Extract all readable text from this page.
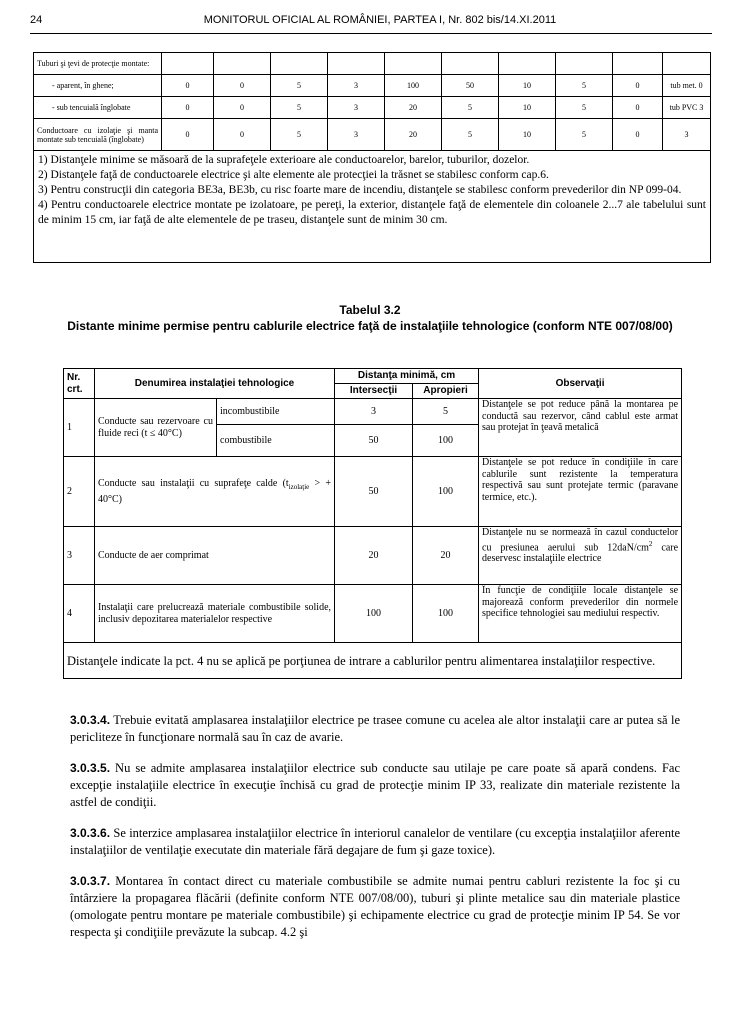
24	MONITORUL OFICIAL AL ROMÂNIEI, PARTEA I, Nr. 802 bis/14.XI.2011
Tuburi şi ţevi de protecţie montate:										
- aparent, în ghene;	0	0	5	3	100	50	10	5	0	tub met. 0
- sub tencuială înglobate	0	0	5	3	20	5	10	5	0	tub PVC 3
Conductoare cu izolaţie şi manta montate sub tencuială (înglobate)	0	0	5	3	20	5	10	5	0	3

1) Distanţele minime se măsoară de la suprafeţele exterioare ale conductoarelor, barelor, tuburilor, dozelor.
2) Distanţele faţă de conductoarele electrice şi alte elemente ale protecţiei la trăsnet se stabilesc conform cap.6.
3) Pentru construcţii din categoria BE3a, BE3b, cu risc foarte mare de incendiu, distanţele se stabilesc conform prevederilor din NP 099-04.
4) Pentru conductoarele electrice montate pe izolatoare, pe pereţi, la exterior, distanţele faţă de elementele din coloanele 2...7 ale tabelului sunt de minim 15 cm, iar faţă de alte elementele de pe traseu, distanţele sunt de minim 30 cm.										
Tabelul 3.2
Distante minime permise pentru cablurile electrice faţă de instalaţiile tehnologice (conform NTE 007/08/00)
Nr. crt.	Denumirea instalaţiei tehnologice		Distanţa minimă, cm		Observaţii
			Intersecţii	Apropieri	
1	Conducte sau rezervoare cu fluide reci (t ≤ 40°C)	incombustibile	3	5	Distanţele se pot reduce până la montarea pe conductă sau rezervor, când cablul este armat sau protejat în ţeavă metalică
		combustibile	50	100	
2	Conducte sau instalaţii cu suprafeţe calde ($t_{izolaţie}$ > + 40°C)		50	100	Distanţele se pot reduce în condiţiile în care cablurile sunt rezistente la temperatura respectivă sau sunt protejate termic (paravane termice, etc.).
3	Conducte de aer comprimat		20	20	Distanţele nu se normează în cazul conductelor cu presiunea aerului sub $12daN/cm^2$ care deservesc instalaţiile electrice
4	Instalaţii care prelucrează materiale combustibile solide, inclusiv depozitarea materialelor respective		100	100	În funcţie de condiţiile locale distanţele se majorează conform prevederilor din normele specifice tehnologiei sau mediului respectiv.
Distanţele indicate la pct. 4 nu se aplică pe porţiunea de intrare a cablurilor pentru alimentarea instalaţiilor respective.					

3.0.3.4. Trebuie evitată amplasarea instalaţiilor electrice pe trasee comune cu acelea ale altor instalaţii care ar putea să le pericliteze în funcţionare normală sau în caz de avarie.

3.0.3.5. Nu se admite amplasarea instalaţiilor electrice sub conducte sau utilaje pe care poate să apară condens. Fac excepţie instalaţiile electrice în execuţie închisă cu grad de protecţie minim IP 33, realizate din materiale rezistente la astfel de condiţii.

3.0.3.6. Se interzice amplasarea instalaţiilor electrice în interiorul canalelor de ventilare (cu excepţia instalaţiilor aferente instalaţiilor de ventilaţie executate din materiale fără degajare de fum şi gaze toxice).

3.0.3.7. Montarea în contact direct cu materiale combustibile se admite numai pentru cabluri rezistente la foc şi cu întârziere la propagarea flăcării (definite conform NTE 007/08/00), tuburi şi plinte metalice sau din materiale plastice (omologate pentru montare pe materiale combustibile) şi echipamente electrice cu grad de protecţie minim IP 54. Se vor respecta şi condiţiile prevăzute la subcap. 4.2 şi
